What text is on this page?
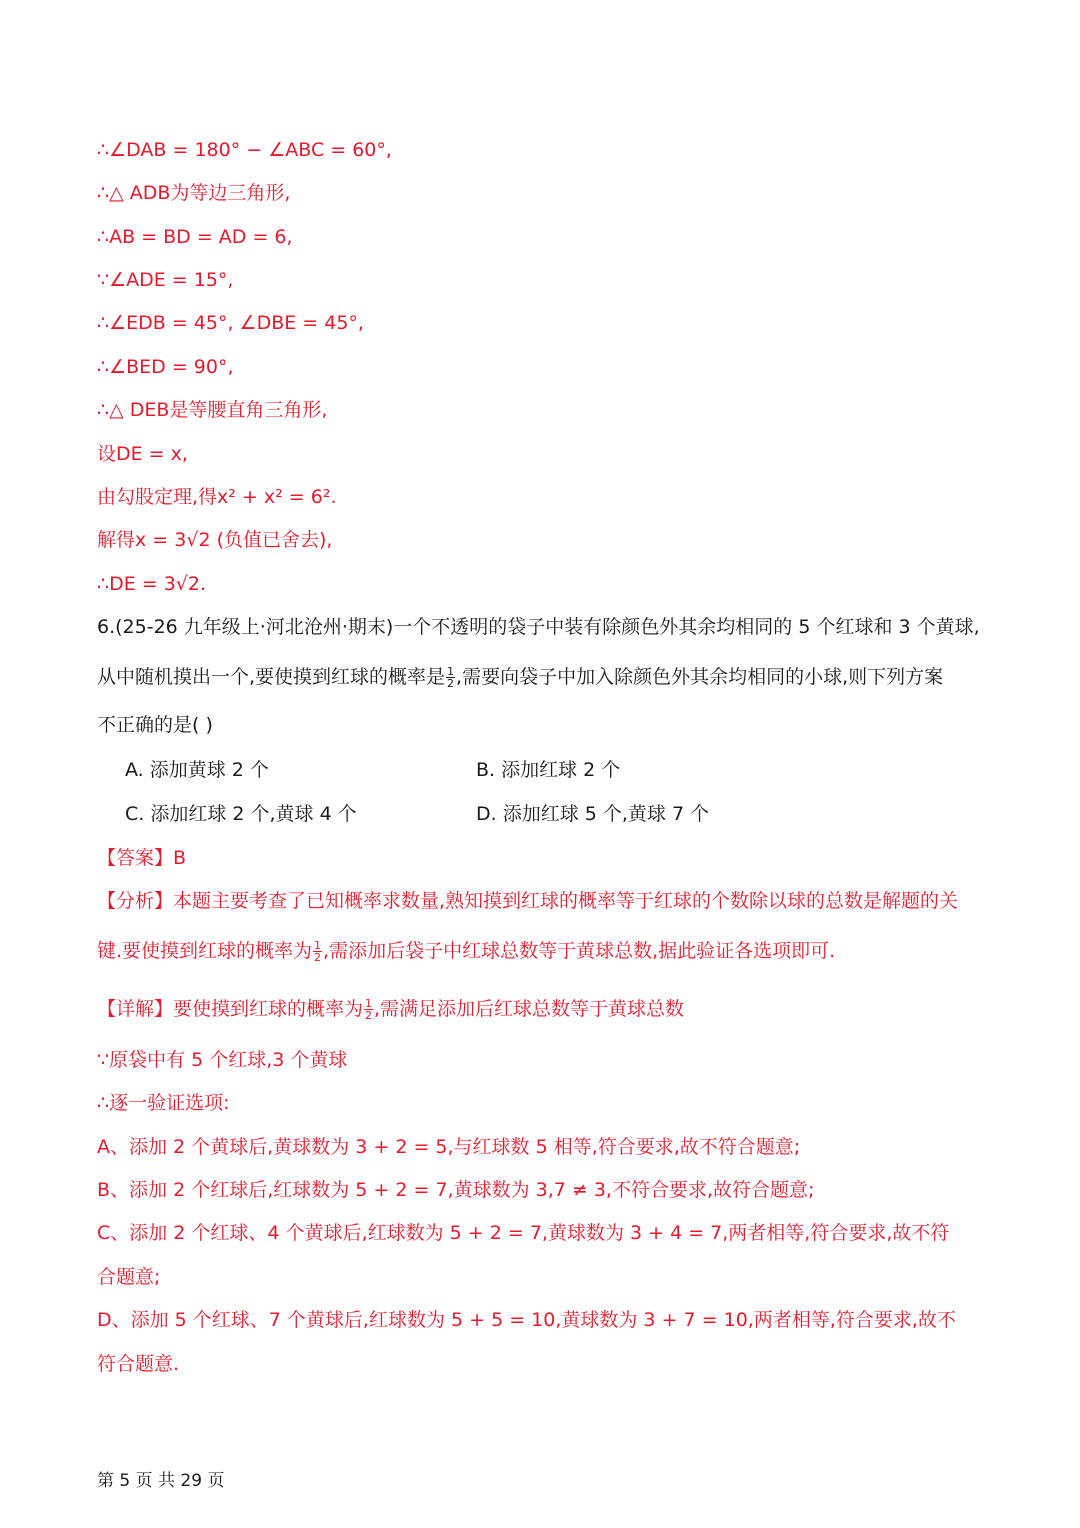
∴∠DAB = 180° − ∠ABC = 60°,
∴△ ADB为等边三角形,
∴AB = BD = AD = 6,
∵∠ADE = 15°,
∴∠EDB = 45°, ∠DBE = 45°,
∴∠BED = 90°,
∴△ DEB是等腰直角三角形,
设DE = x,
由勾股定理,得x² + x² = 6².
解得x = 3√2 (负值已舍去),
∴DE = 3√2.
6.(25-26 九年级上·河北沧州·期末)一个不透明的袋子中装有除颜色外其余均相同的 5 个红球和 3 个黄球,
从中随机摸出一个,要使摸到红球的概率是 $\frac{1}{2}$ ,需要向袋子中加入除颜色外其余均相同的小球,则下列方案
不正确的是( )
A. 添加黄球 2 个	B. 添加红球 2 个
C. 添加红球 2 个,黄球 4 个	D. 添加红球 5 个,黄球 7 个
【答案】B
【分析】本题主要考查了已知概率求数量,熟知摸到红球的概率等于红球的个数除以球的总数是解题的关
键.要使摸到红球的概率为 $\frac{1}{2}$ ,需添加后袋子中红球总数等于黄球总数,据此验证各选项即可.
【详解】要使摸到红球的概率为 $\frac{1}{2}$ ,需满足添加后红球总数等于黄球总数
∵原袋中有 5 个红球,3 个黄球
∴逐一验证选项:
A、添加 2 个黄球后,黄球数为 3 + 2 = 5,与红球数 5 相等,符合要求,故不符合题意;
B、添加 2 个红球后,红球数为 5 + 2 = 7,黄球数为 3,7 ≠ 3,不符合要求,故符合题意;
C、添加 2 个红球、4 个黄球后,红球数为 5 + 2 = 7,黄球数为 3 + 4 = 7,两者相等,符合要求,故不符
合题意;
D、添加 5 个红球、7 个黄球后,红球数为 5 + 5 = 10,黄球数为 3 + 7 = 10,两者相等,符合要求,故不
符合题意.
第 5 页 共 29 页
